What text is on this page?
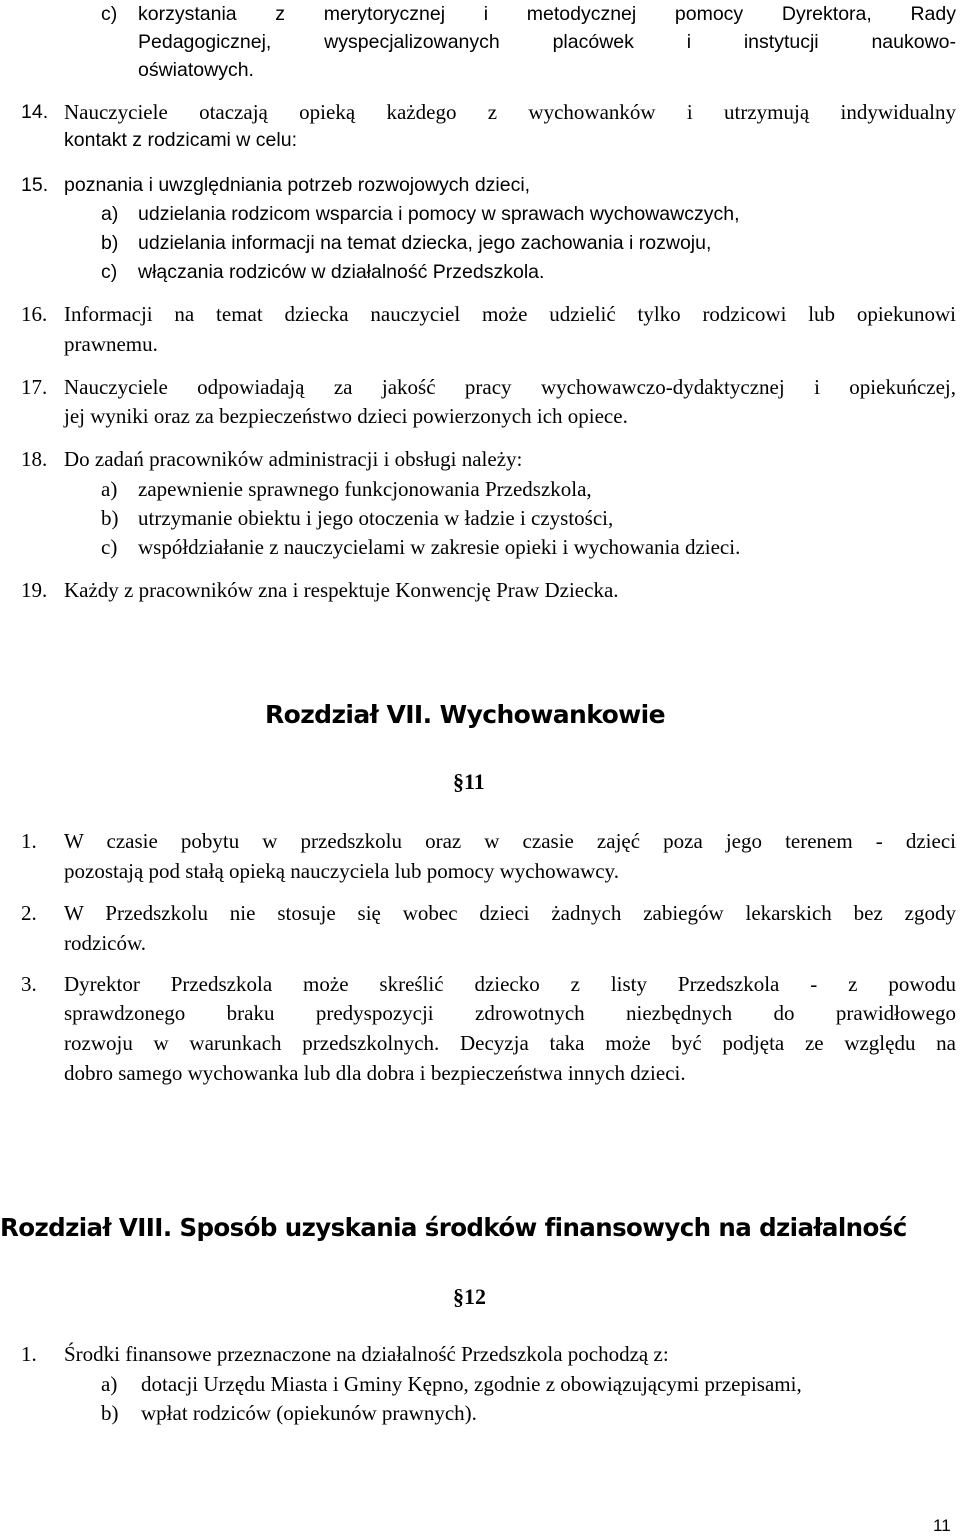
c) korzystania z merytorycznej i metodycznej pomocy Dyrektora, Rady
Pedagogicznej, wyspecjalizowanych placówek i instytucji naukowo-
oświatowych.
14. Nauczyciele otaczają opieką każdego z wychowanków i utrzymują indywidualny
kontakt z rodzicami w celu:
15. poznania i uwzględniania potrzeb rozwojowych dzieci,
a) udzielania rodzicom wsparcia i pomocy w sprawach wychowawczych,
b) udzielania informacji na temat dziecka, jego zachowania i rozwoju,
c) włączania rodziców w działalność Przedszkola.
16. Informacji na temat dziecka nauczyciel może udzielić tylko rodzicowi lub opiekunowi
prawnemu.
17. Nauczyciele odpowiadają za jakość pracy wychowawczo-dydaktycznej i opiekuńczej,
jej wyniki oraz za bezpieczeństwo dzieci powierzonych ich opiece.
18. Do zadań pracowników administracji i obsługi należy:
a) zapewnienie sprawnego funkcjonowania Przedszkola,
b) utrzymanie obiektu i jego otoczenia w ładzie i czystości,
c) współdziałanie z nauczycielami w zakresie opieki i wychowania dzieci.
19. Każdy z pracowników zna i respektuje Konwencję Praw Dziecka.
Rozdział VII. Wychowankowie
§11
1. W czasie pobytu w przedszkolu oraz w czasie zajęć poza jego terenem - dzieci
pozostają pod stałą opieką nauczyciela lub pomocy wychowawcy.
2. W Przedszkolu nie stosuje się wobec dzieci żadnych zabiegów lekarskich bez zgody
rodziców.
3. Dyrektor Przedszkola może skreślić dziecko z listy Przedszkola - z powodu
sprawdzonego braku predyspozycji zdrowotnych niezbędnych do prawidłowego
rozwoju w warunkach przedszkolnych. Decyzja taka może być podjęta ze względu na
dobro samego wychowanka lub dla dobra i bezpieczeństwa innych dzieci.
Rozdział VIII. Sposób uzyskania środków finansowych na działalność
§12
1. Środki finansowe przeznaczone na działalność Przedszkola pochodzą z:
a) dotacji Urzędu Miasta i Gminy Kępno, zgodnie z obowiązującymi przepisami,
b) wpłat rodziców (opiekunów prawnych).
11
